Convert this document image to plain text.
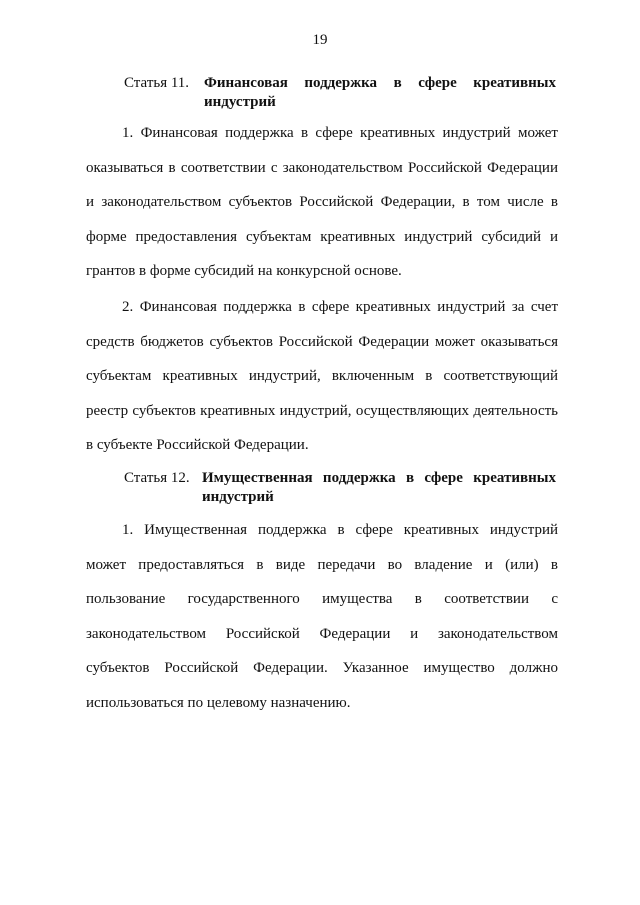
19
Статья 11. Финансовая поддержка в сфере креативных индустрий

1. Финансовая поддержка в сфере креативных индустрий может оказываться в соответствии с законодательством Российской Федерации и законодательством субъектов Российской Федерации, в том числе в форме предоставления субъектам креативных индустрий субсидий и грантов в форме субсидий на конкурсной основе.

2. Финансовая поддержка в сфере креативных индустрий за счет средств бюджетов субъектов Российской Федерации может оказываться субъектам креативных индустрий, включенным в соответствующий реестр субъектов креативных индустрий, осуществляющих деятельность в субъекте Российской Федерации.

Статья 12. Имущественная поддержка в сфере креативных индустрий

1. Имущественная поддержка в сфере креативных индустрий может предоставляться в виде передачи во владение и (или) в пользование государственного имущества в соответствии с законодательством Российской Федерации и законодательством субъектов Российской Федерации. Указанное имущество должно использоваться по целевому назначению.
